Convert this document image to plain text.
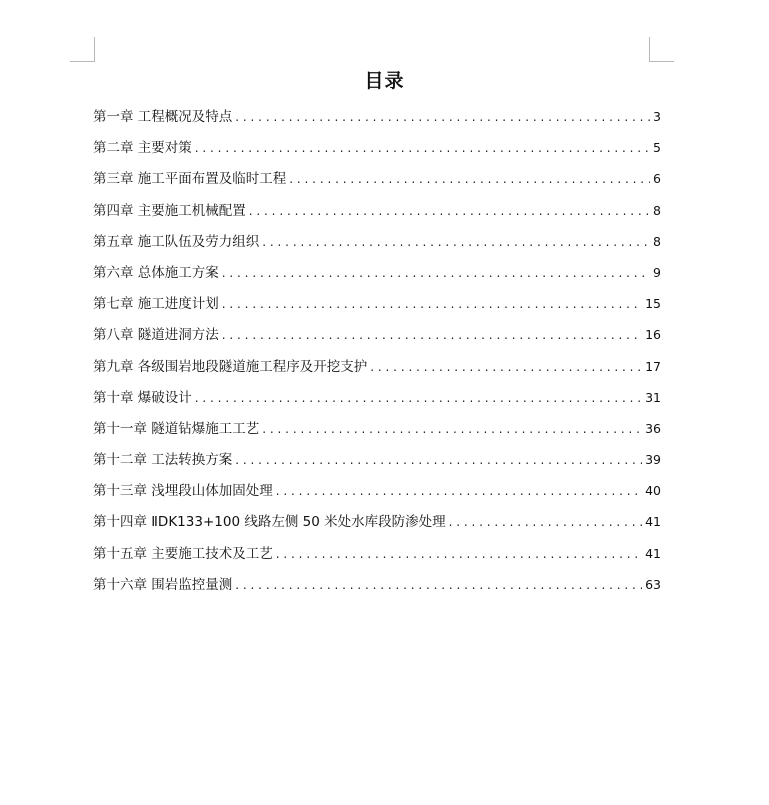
目录
第一章 工程概况及特点 . . .	3
第二章 主要对策 . . .	5
第三章 施工平面布置及临时工程 . . .	6
第四章 主要施工机械配置 . . .	8
第五章 施工队伍及劳力组织 . . .	8
第六章 总体施工方案 . . .	9
第七章 施工进度计划 . . .	15
第八章 隧道进洞方法 . . .	16
第九章 各级围岩地段隧道施工程序及开挖支护 . . .	17
第十章 爆破设计 . . .	31
第十一章 隧道钻爆施工工艺 . . .	36
第十二章 工法转换方案 . . .	39
第十三章 浅埋段山体加固处理 . . .	40
第十四章 ⅡDK133+100 线路左侧 50 米处水库段防渗处理 . . .	41
第十五章 主要施工技术及工艺 . . .	41
第十六章 围岩监控量测 . . .	63
